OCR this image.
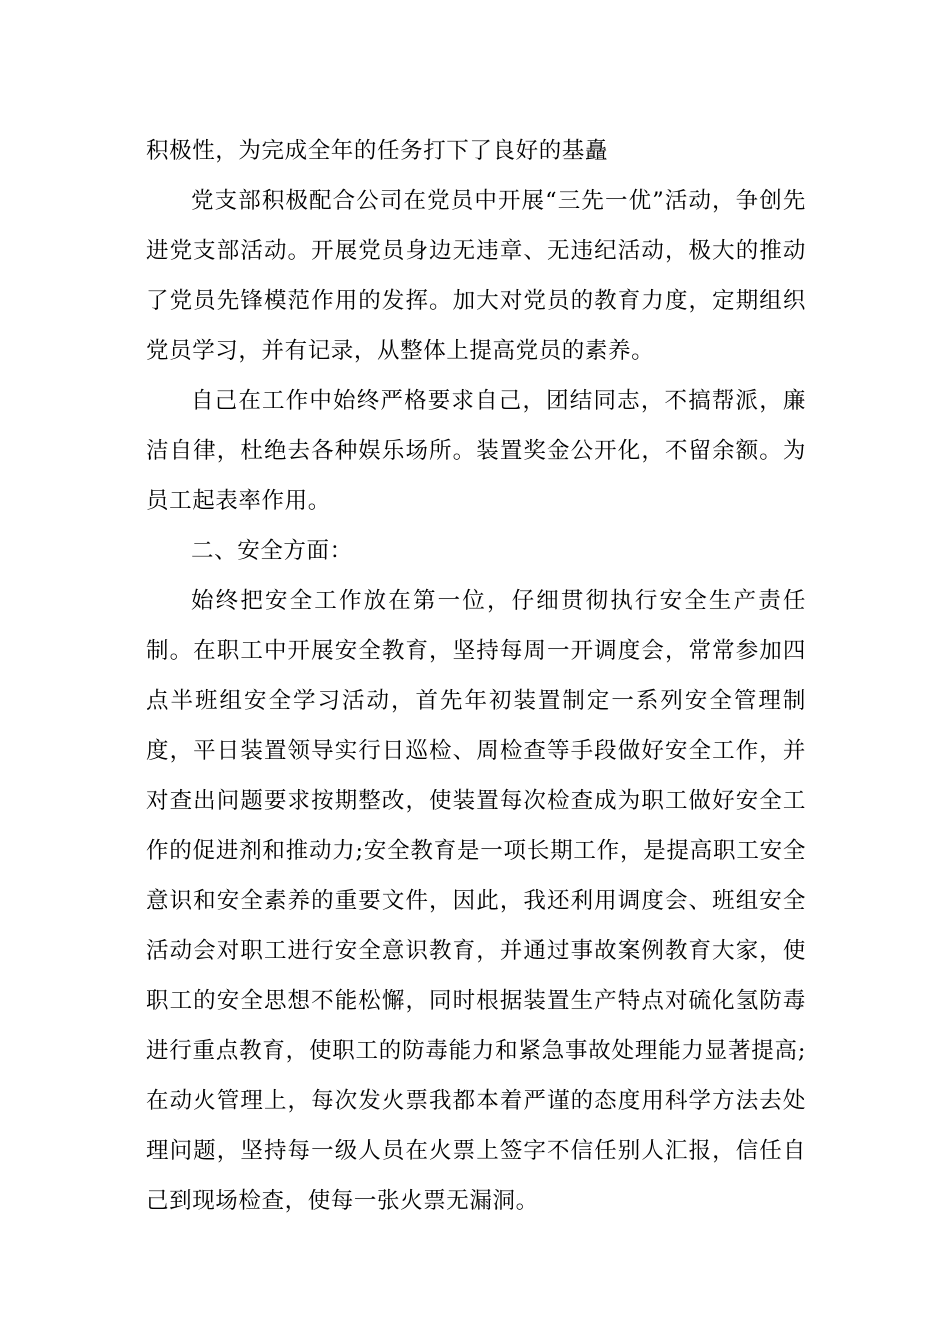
积极性，为完成全年的任务打下了良好的基矗

党支部积极配合公司在党员中开展“三先一优”活动，争创先进党支部活动。开展党员身边无违章、无违纪活动，极大的推动了党员先锋模范作用的发挥。加大对党员的教育力度，定期组织党员学习，并有记录，从整体上提高党员的素养。

自己在工作中始终严格要求自己，团结同志，不搞帮派，廉洁自律，杜绝去各种娱乐场所。装置奖金公开化，不留余额。为员工起表率作用。

二、安全方面：

始终把安全工作放在第一位，仔细贯彻执行安全生产责任制。在职工中开展安全教育，坚持每周一开调度会，常常参加四点半班组安全学习活动，首先年初装置制定一系列安全管理制度，平日装置领导实行日巡检、周检查等手段做好安全工作，并对查出问题要求按期整改，使装置每次检查成为职工做好安全工作的促进剂和推动力;安全教育是一项长期工作，是提高职工安全意识和安全素养的重要文件，因此，我还利用调度会、班组安全活动会对职工进行安全意识教育，并通过事故案例教育大家，使职工的安全思想不能松懈，同时根据装置生产特点对硫化氢防毒进行重点教育，使职工的防毒能力和紧急事故处理能力显著提高;在动火管理上，每次发火票我都本着严谨的态度用科学方法去处理问题，坚持每一级人员在火票上签字不信任别人汇报，信任自己到现场检查，使每一张火票无漏洞。
